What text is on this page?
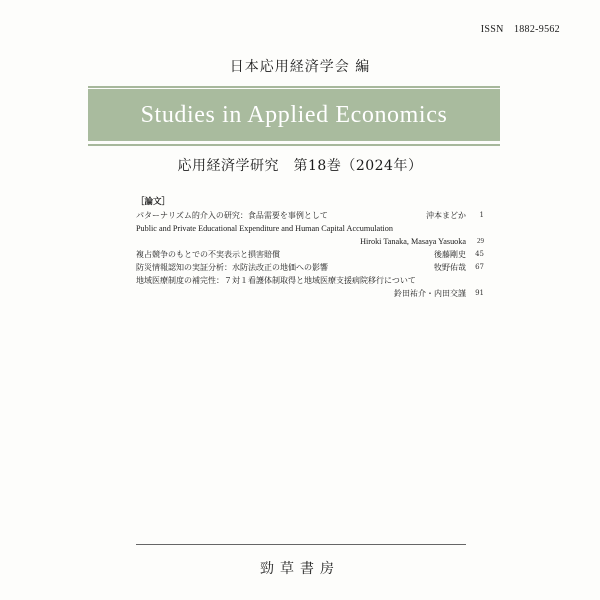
ISSN　1882-9562
日本応用経済学会 編
Studies in Applied Economics
応用経済学研究　第18巻（2024年）
［論文］
パターナリズム的介入の研究：食品需要を事例として	沖本まどか	1
Public and Private Educational Expenditure and Human Capital Accumulation
Hiroki Tanaka, Masaya Yasuoka	29
複占競争のもとでの不実表示と損害賠償	後藤剛史	45
防災情報認知の実証分析：水防法改正の地価への影響	牧野佑哉	67
地域医療制度の補完性：７対１看護体制取得と地域医療支援病院移行について
鈴田祐介・内田交謹	91
勁草書房
